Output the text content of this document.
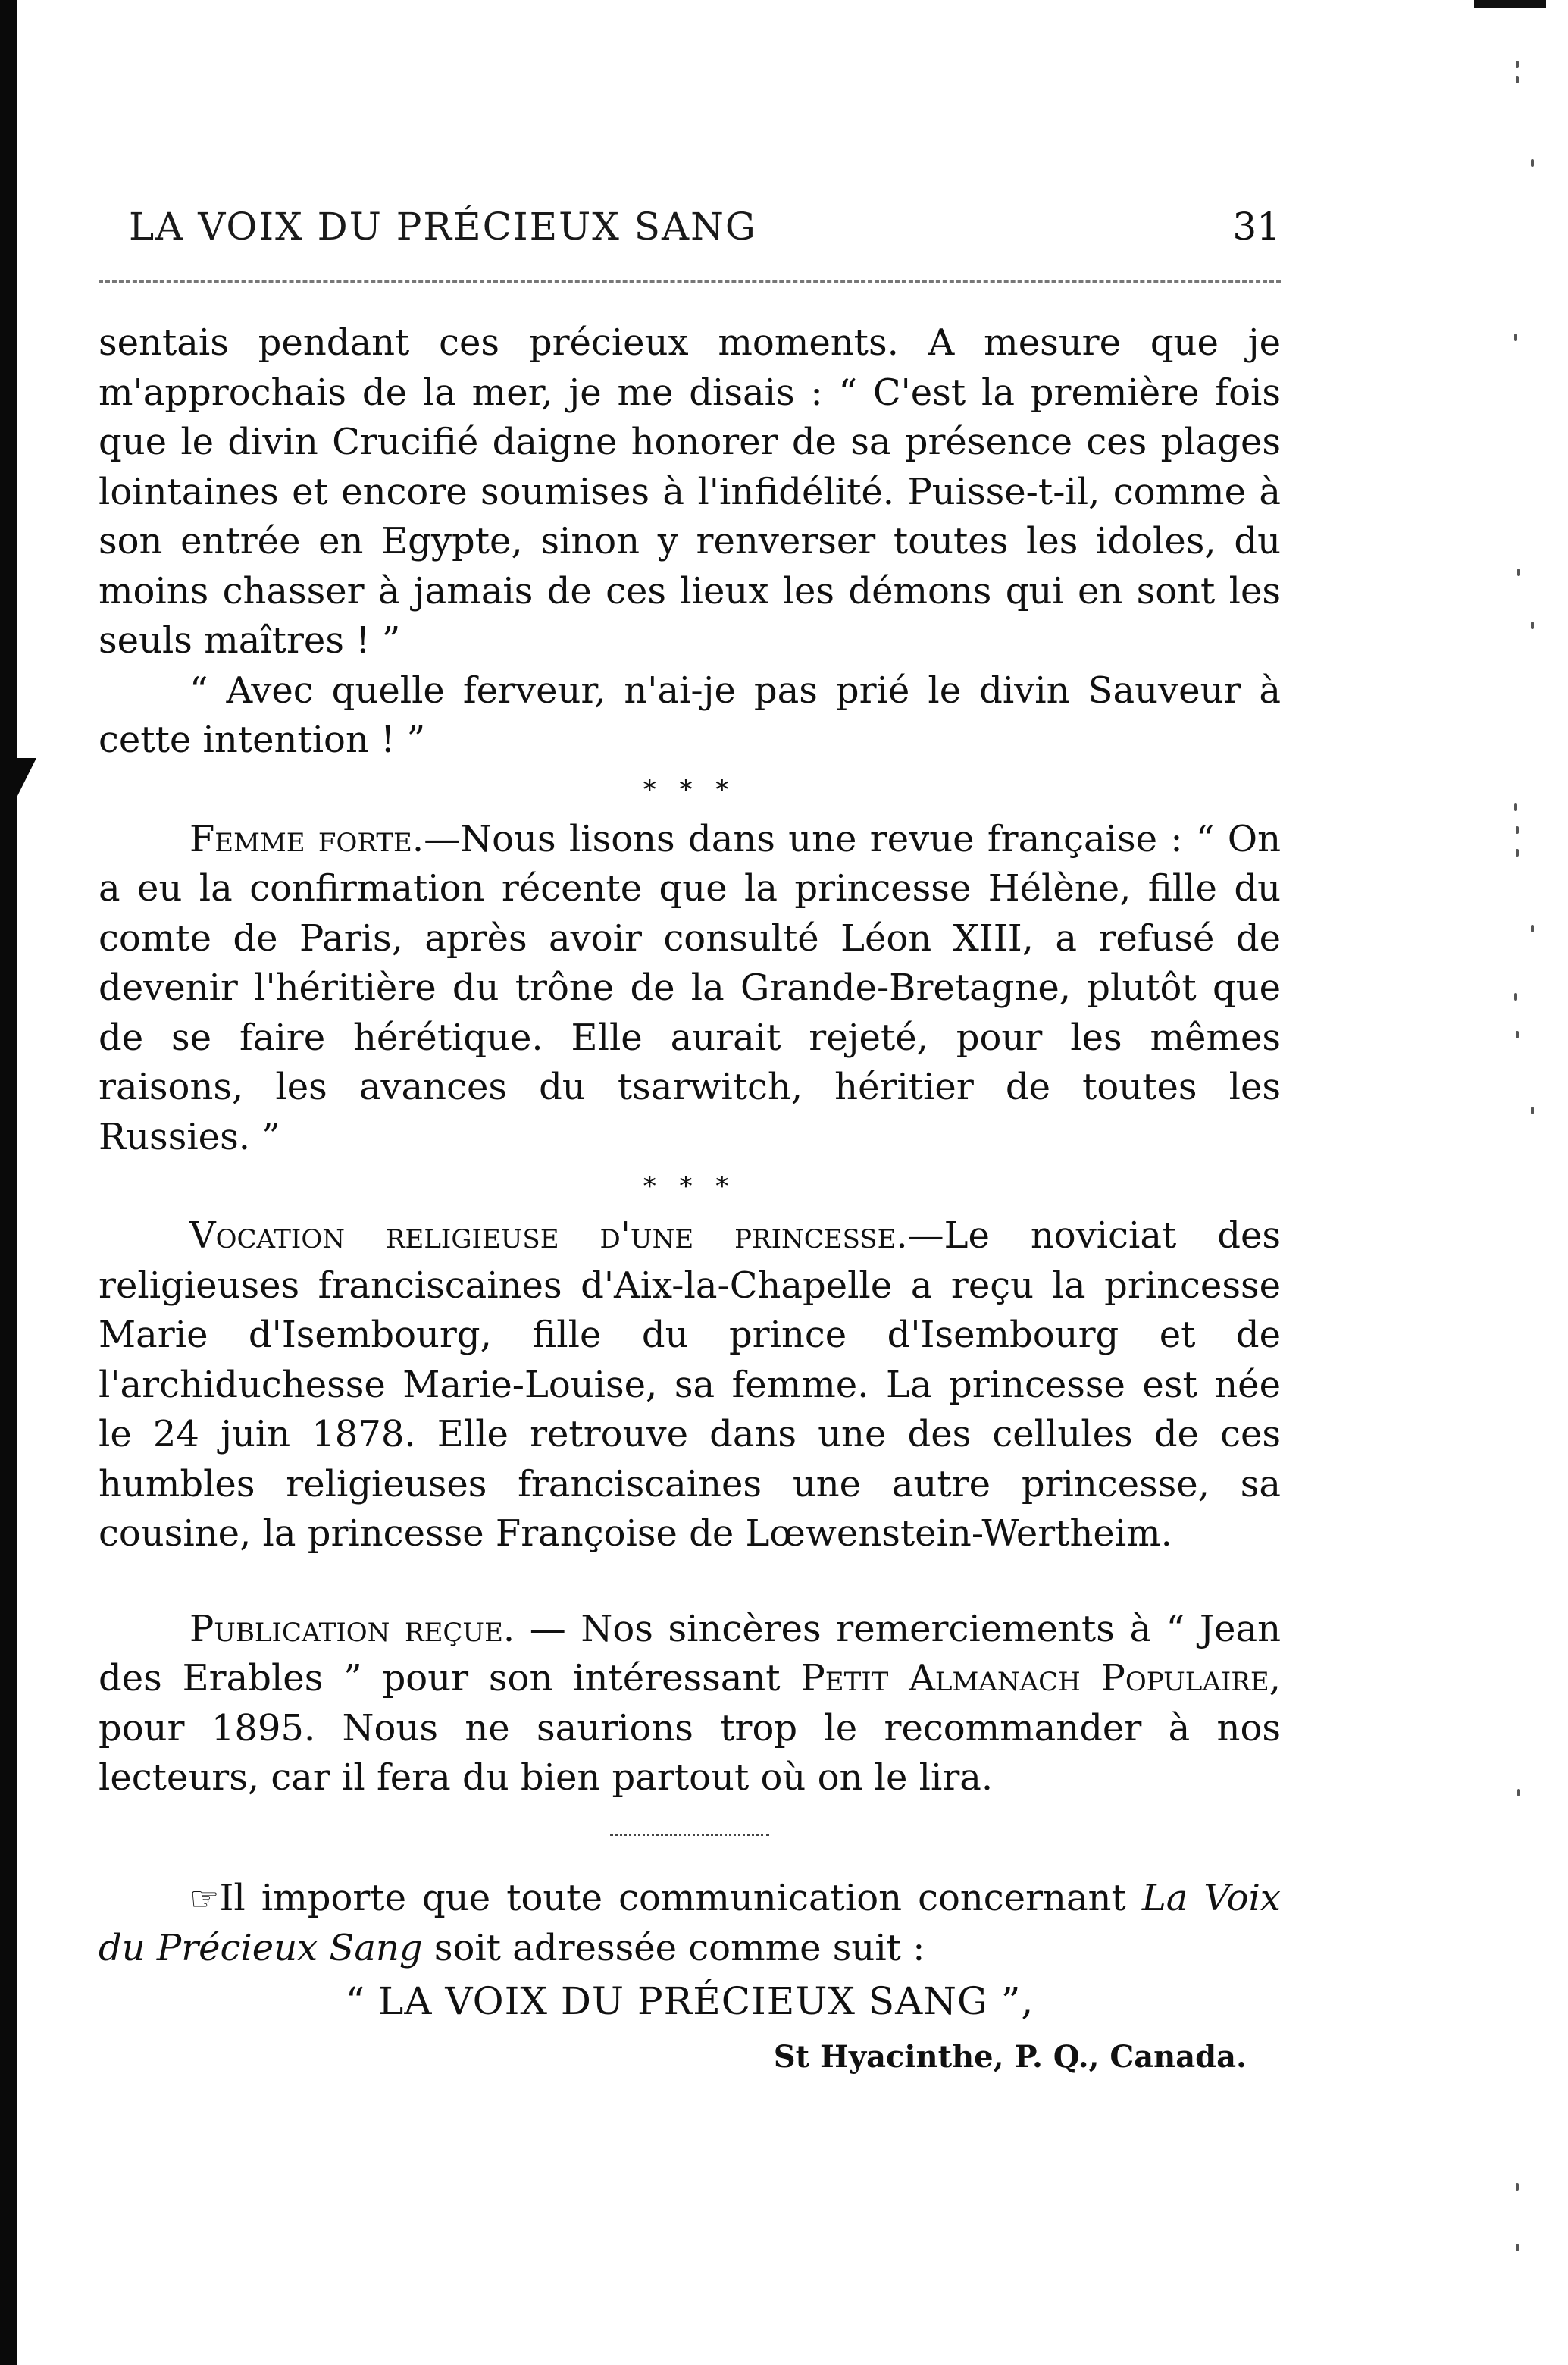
LA VOIX DU PRÉCIEUX SANG	31

sentais pendant ces précieux moments. A mesure que je m'approchais de la mer, je me disais : “ C'est la première fois que le divin Crucifié daigne honorer de sa présence ces plages lointaines et encore soumises à l'infidélité. Puisse-t-il, comme à son entrée en Egypte, sinon y renverser toutes les idoles, du moins chasser à jamais de ces lieux les démons qui en sont les seuls maîtres ! ”

“ Avec quelle ferveur, n'ai-je pas prié le divin Sauveur à cette intention ! ”

* * *

Femme forte.—Nous lisons dans une revue française : “ On a eu la confirmation récente que la princesse Hélène, fille du comte de Paris, après avoir consulté Léon XIII, a refusé de devenir l'héritière du trône de la Grande-Bretagne, plutôt que de se faire hérétique. Elle aurait rejeté, pour les mêmes raisons, les avances du tsarwitch, héritier de toutes les Russies. ”

* * *

Vocation religieuse d'une princesse.—Le noviciat des religieuses franciscaines d'Aix-la-Chapelle a reçu la princesse Marie d'Isembourg, fille du prince d'Isembourg et de l'archiduchesse Marie-Louise, sa femme. La princesse est née le 24 juin 1878. Elle retrouve dans une des cellules de ces humbles religieuses franciscaines une autre princesse, sa cousine, la princesse Françoise de Lœwenstein-Wertheim.

Publication reçue. — Nos sincères remerciements à “ Jean des Erables ” pour son intéressant Petit Almanach Populaire, pour 1895. Nous ne saurions trop le recommander à nos lecteurs, car il fera du bien partout où on le lira.

☞Il importe que toute communication concernant La Voix du Précieux Sang soit adressée comme suit :

“ LA VOIX DU PRÉCIEUX SANG ”,
St Hyacinthe, P. Q., Canada.
